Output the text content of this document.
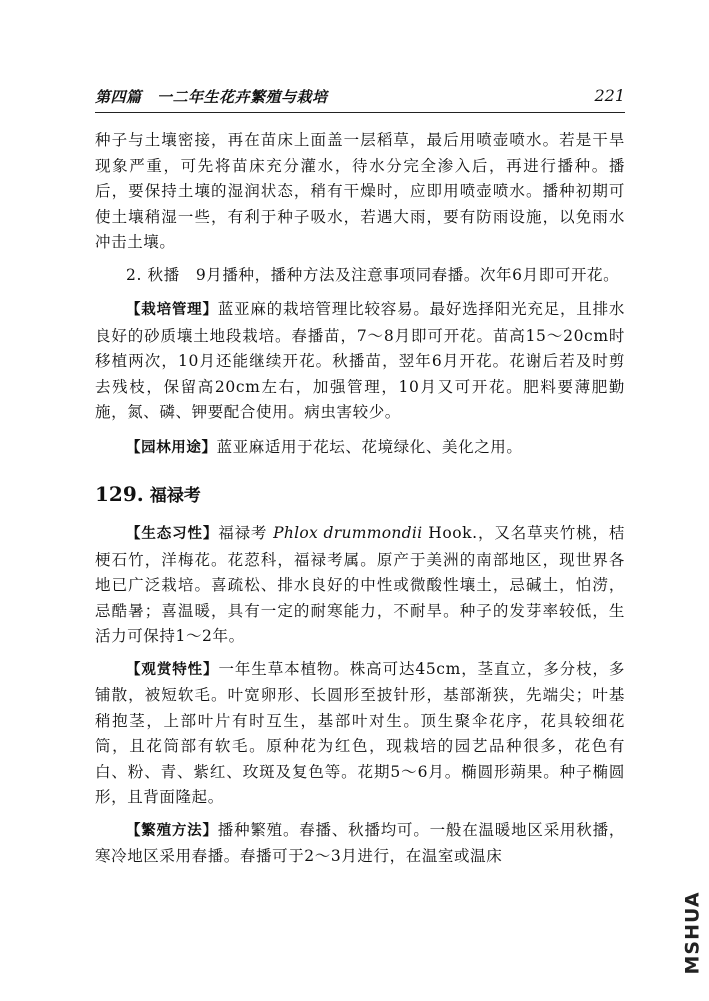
第四篇　一二年生花卉繁殖与栽培	221

种子与土壤密接，再在苗床上面盖一层稻草，最后用喷壶喷水。若是干旱现象严重，可先将苗床充分灌水，待水分完全渗入后，再进行播种。播后，要保持土壤的湿润状态，稍有干燥时，应即用喷壶喷水。播种初期可使土壤稍湿一些，有利于种子吸水，若遇大雨，要有防雨设施，以免雨水冲击土壤。

2. 秋播　9月播种，播种方法及注意事项同春播。次年6月即可开花。

【栽培管理】蓝亚麻的栽培管理比较容易。最好选择阳光充足，且排水良好的砂质壤土地段栽培。春播苗，7～8月即可开花。苗高15～20cm时移植两次，10月还能继续开花。秋播苗，翌年6月开花。花谢后若及时剪去残枝，保留高20cm左右，加强管理，10月又可开花。肥料要薄肥勤施，氮、磷、钾要配合使用。病虫害较少。

【园林用途】蓝亚麻适用于花坛、花境绿化、美化之用。

129. 福禄考

【生态习性】福禄考 Phlox drummondii Hook.，又名草夹竹桃，桔梗石竹，洋梅花。花荵科，福禄考属。原产于美洲的南部地区，现世界各地已广泛栽培。喜疏松、排水良好的中性或微酸性壤土，忌碱土，怕涝，忌酷暑；喜温暖，具有一定的耐寒能力，不耐旱。种子的发芽率较低，生活力可保持1～2年。

【观赏特性】一年生草本植物。株高可达45cm，茎直立，多分枝，多铺散，被短软毛。叶宽卵形、长圆形至披针形，基部渐狭，先端尖；叶基稍抱茎，上部叶片有时互生，基部叶对生。顶生聚伞花序，花具较细花筒，且花筒部有软毛。原种花为红色，现栽培的园艺品种很多，花色有白、粉、青、紫红、玫斑及复色等。花期5～6月。椭圆形蒴果。种子椭圆形，且背面隆起。

【繁殖方法】播种繁殖。春播、秋播均可。一般在温暖地区采用秋播，寒冷地区采用春播。春播可于2～3月进行，在温室或温床

MSHUA
